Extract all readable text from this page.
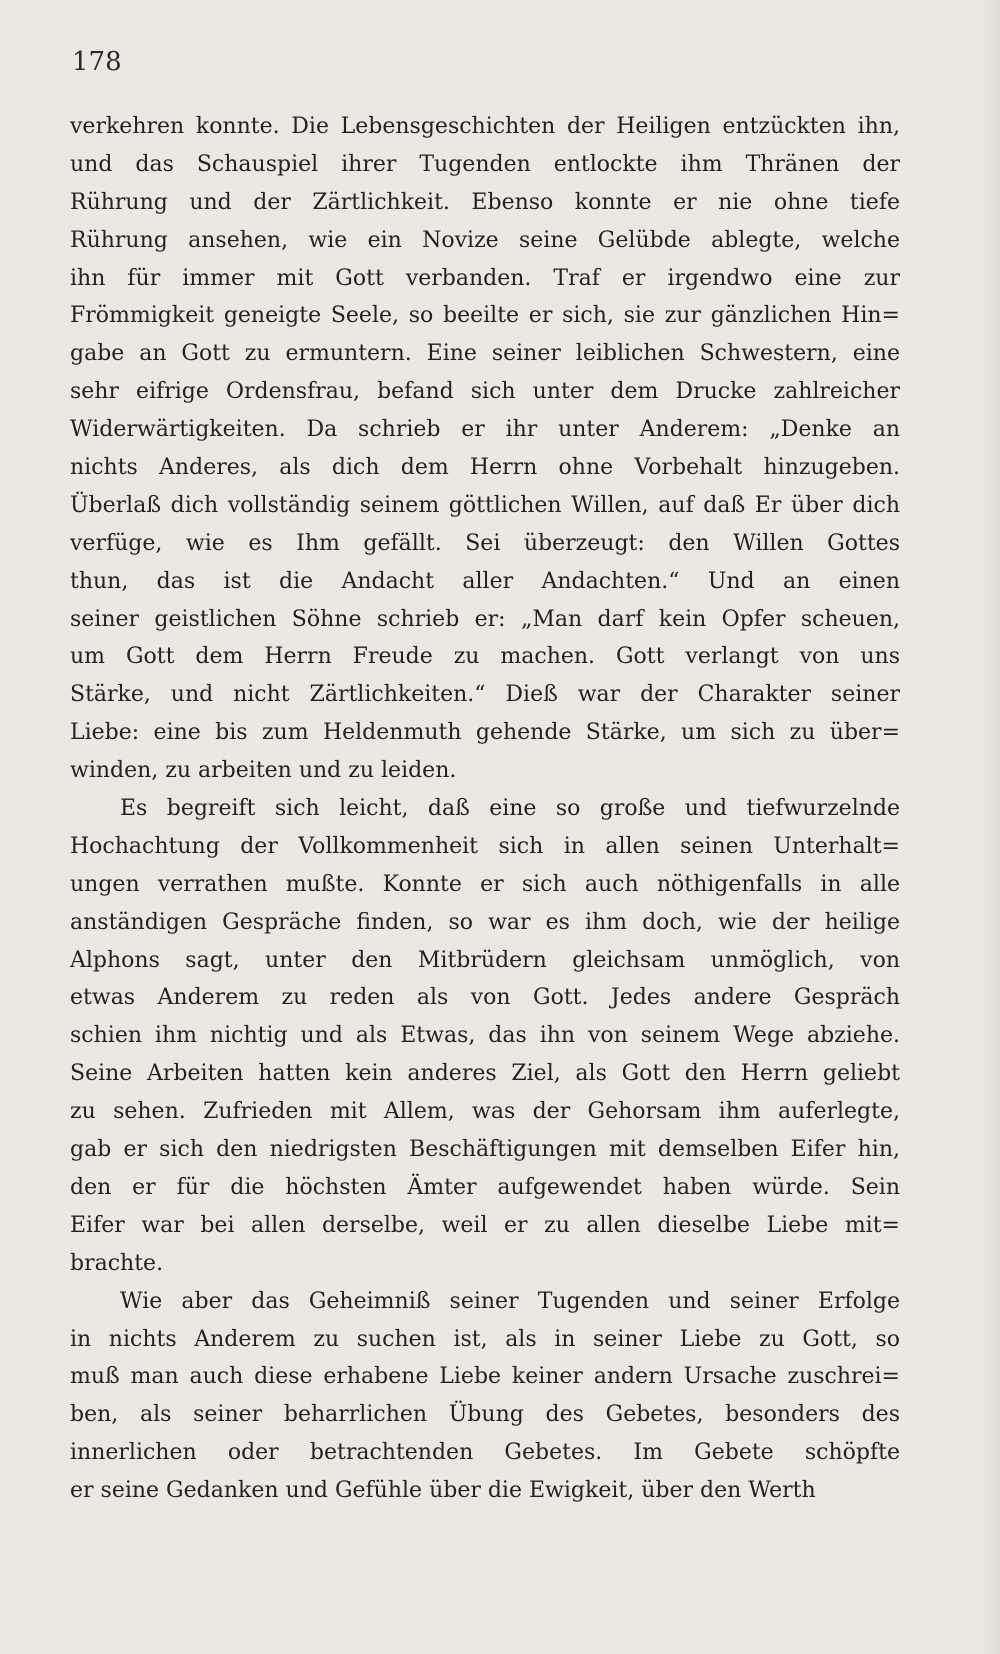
178
verkehren konnte. Die Lebensgeschichten der Heiligen entzückten ihn,
und das Schauspiel ihrer Tugenden entlockte ihm Thränen der
Rührung und der Zärtlichkeit. Ebenso konnte er nie ohne tiefe
Rührung ansehen, wie ein Novize seine Gelübde ablegte, welche
ihn für immer mit Gott verbanden. Traf er irgendwo eine zur
Frömmigkeit geneigte Seele, so beeilte er sich, sie zur gänzlichen Hin=
gabe an Gott zu ermuntern. Eine seiner leiblichen Schwestern, eine
sehr eifrige Ordensfrau, befand sich unter dem Drucke zahlreicher
Widerwärtigkeiten. Da schrieb er ihr unter Anderem: „Denke an
nichts Anderes, als dich dem Herrn ohne Vorbehalt hinzugeben.
Überlaß dich vollständig seinem göttlichen Willen, auf daß Er über dich
verfüge, wie es Ihm gefällt. Sei überzeugt: den Willen Gottes
thun, das ist die Andacht aller Andachten.“ Und an einen
seiner geistlichen Söhne schrieb er: „Man darf kein Opfer scheuen,
um Gott dem Herrn Freude zu machen. Gott verlangt von uns
Stärke, und nicht Zärtlichkeiten.“ Dieß war der Charakter seiner
Liebe: eine bis zum Heldenmuth gehende Stärke, um sich zu über=
winden, zu arbeiten und zu leiden.
Es begreift sich leicht, daß eine so große und tiefwurzelnde
Hochachtung der Vollkommenheit sich in allen seinen Unterhalt=
ungen verrathen mußte. Konnte er sich auch nöthigenfalls in alle
anständigen Gespräche finden, so war es ihm doch, wie der heilige
Alphons sagt, unter den Mitbrüdern gleichsam unmöglich, von
etwas Anderem zu reden als von Gott. Jedes andere Gespräch
schien ihm nichtig und als Etwas, das ihn von seinem Wege abziehe.
Seine Arbeiten hatten kein anderes Ziel, als Gott den Herrn geliebt
zu sehen. Zufrieden mit Allem, was der Gehorsam ihm auferlegte,
gab er sich den niedrigsten Beschäftigungen mit demselben Eifer hin,
den er für die höchsten Ämter aufgewendet haben würde. Sein
Eifer war bei allen derselbe, weil er zu allen dieselbe Liebe mit=
brachte.
Wie aber das Geheimniß seiner Tugenden und seiner Erfolge
in nichts Anderem zu suchen ist, als in seiner Liebe zu Gott, so
muß man auch diese erhabene Liebe keiner andern Ursache zuschrei=
ben, als seiner beharrlichen Übung des Gebetes, besonders des
innerlichen oder betrachtenden Gebetes. Im Gebete schöpfte
er seine Gedanken und Gefühle über die Ewigkeit, über den Werth
